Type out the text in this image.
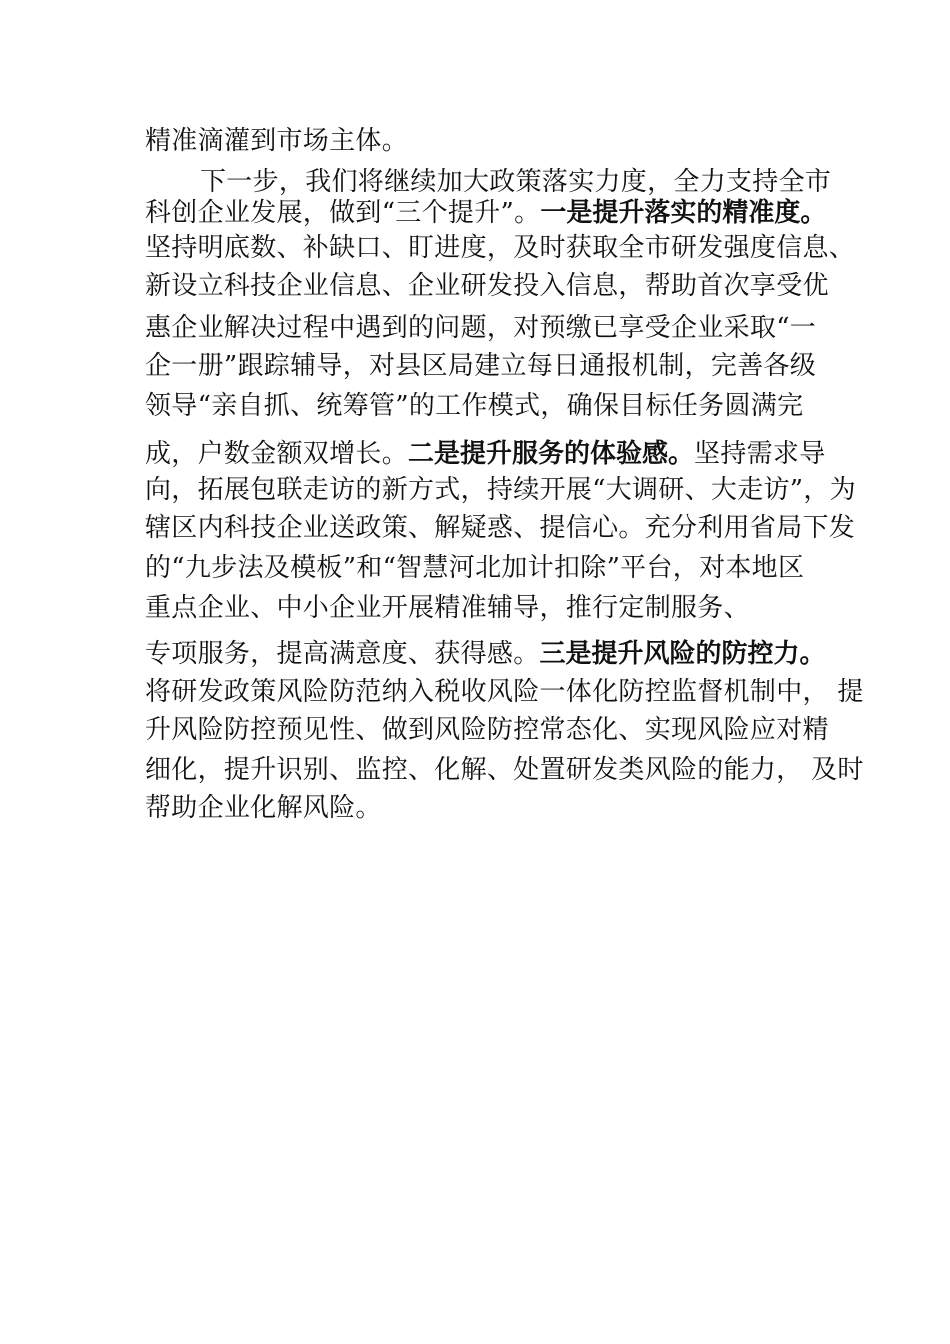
精准滴灌到市场主体。
下一步，我们将继续加大政策落实力度，全力支持全市
科创企业发展，做到“三个提升”。一是提升落实的精准度。
坚持明底数、补缺口、盯进度，及时获取全市研发强度信息、
新设立科技企业信息、企业研发投入信息，帮助首次享受优
惠企业解决过程中遇到的问题，对预缴已享受企业采取“一
企一册”跟踪辅导，对县区局建立每日通报机制，完善各级
领导“亲自抓、统筹管”的工作模式，确保目标任务圆满完
成，户数金额双增长。二是提升服务的体验感。坚持需求导
向，拓展包联走访的新方式，持续开展“大调研、大走访”，为
辖区内科技企业送政策、解疑惑、提信心。充分利用省局下发
的“九步法及模板”和“智慧河北加计扣除”平台，对本地区
重点企业、中小企业开展精准辅导，推行定制服务、
专项服务，提高满意度、获得感。三是提升风险的防控力。
将研发政策风险防范纳入税收风险一体化防控监督机制中， 提
升风险防控预见性、做到风险防控常态化、实现风险应对精
细化，提升识别、监控、化解、处置研发类风险的能力， 及时
帮助企业化解风险。
